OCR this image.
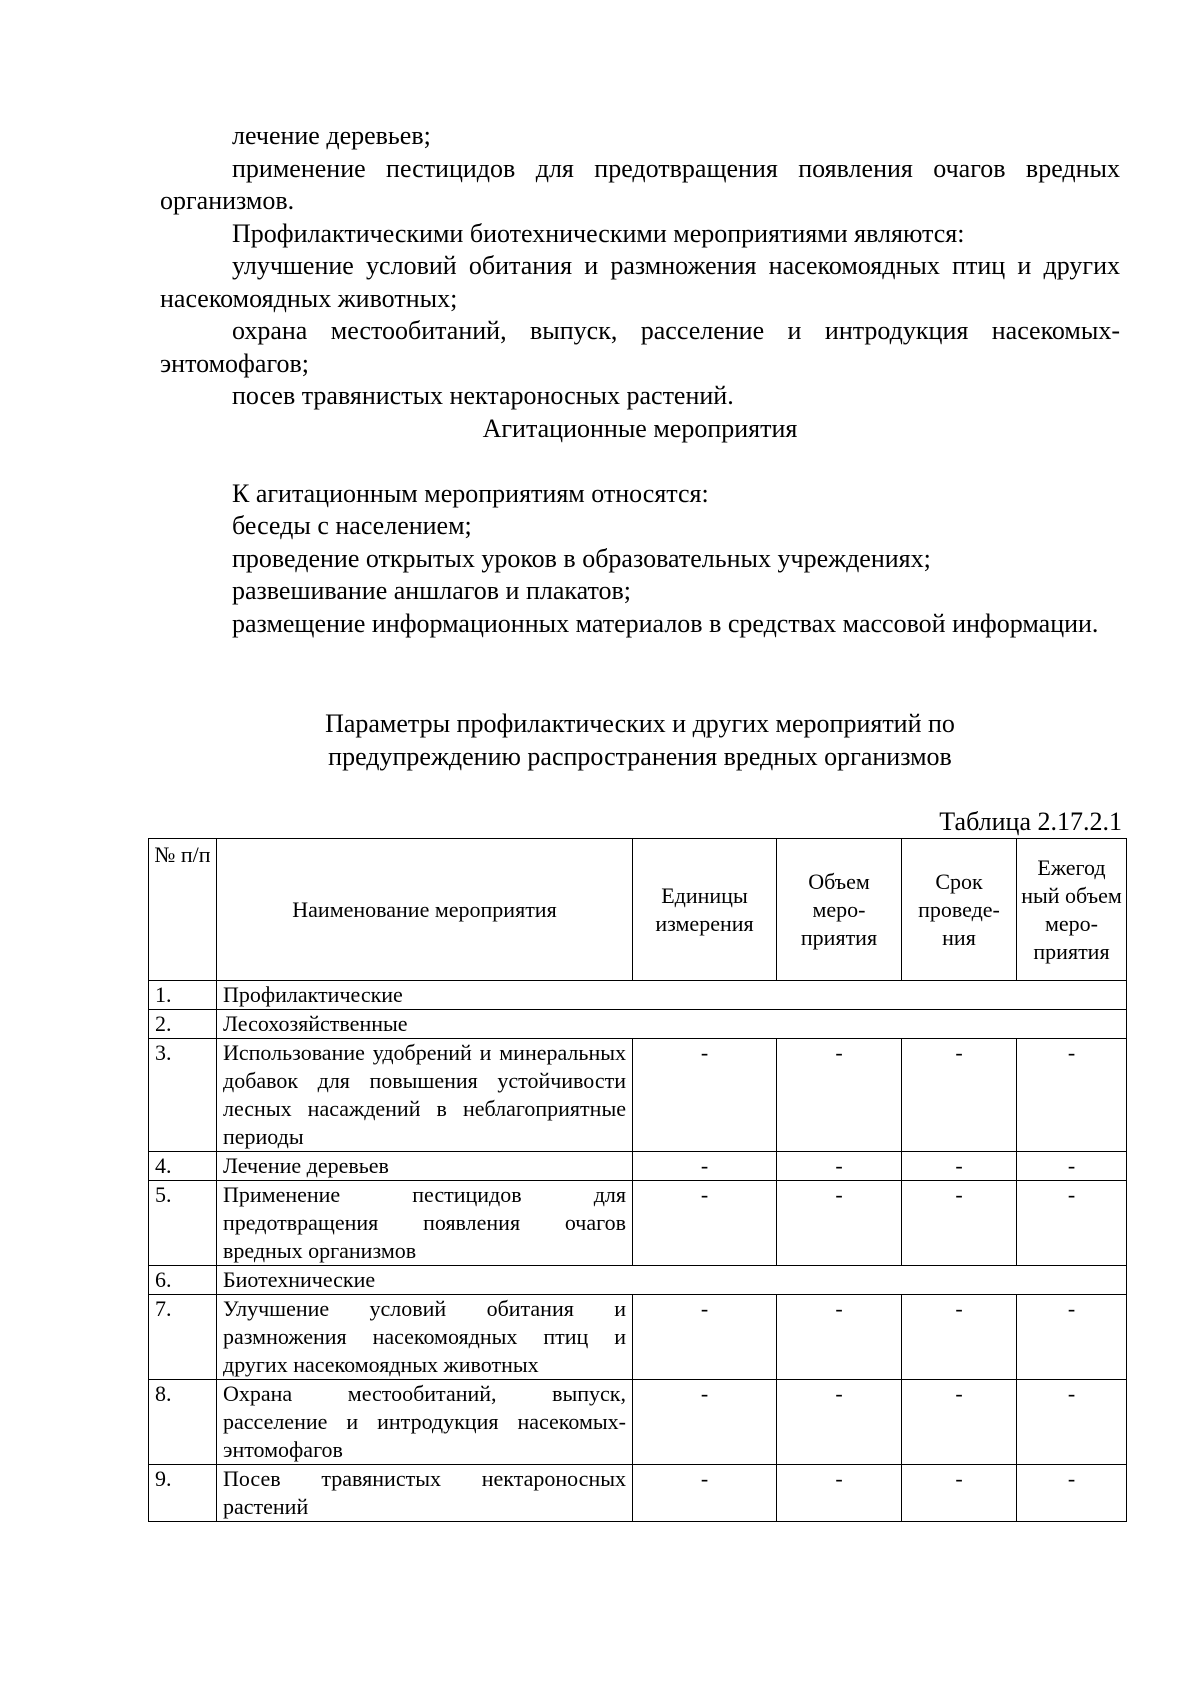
лечение деревьев;

применение пестицидов для предотвращения появления очагов вредных организмов.

Профилактическими биотехническими мероприятиями являются:

улучшение условий обитания и размножения насекомоядных птиц и других насекомоядных животных;

охрана местообитаний, выпуск, расселение и интродукция насекомых-энтомофагов;

посев травянистых нектароносных растений.

Агитационные мероприятия

К агитационным мероприятиям относятся:

беседы с населением;

проведение открытых уроков в образовательных учреждениях;

развешивание аншлагов и плакатов;

размещение информационных материалов в средствах массовой информации.

Параметры профилактических и других мероприятий по
предупреждению распространения вредных организмов
Таблица 2.17.2.1
№ п/п	Наименование мероприятия	Единицы измерения	Объем меро-приятия	Срок проведе-ния	Ежегод ный объем меро-приятия
1.	Профилактические				
2.	Лесохозяйственные				
3.	Использование удобрений и минеральных добавок для повышения устойчивости лесных насаждений в неблагоприятные периоды	-	-	-	-
4.	Лечение деревьев	-	-	-	-
5.	Применение пестицидов для предотвращения появления очагов вредных организмов	-	-	-	-
6.	Биотехнические				
7.	Улучшение условий обитания и размножения насекомоядных птиц и других насекомоядных животных	-	-	-	-
8.	Охрана местообитаний, выпуск, расселение и интродукция насекомых-энтомофагов	-	-	-	-
9.	Посев травянистых нектароносных растений	-	-	-	-
